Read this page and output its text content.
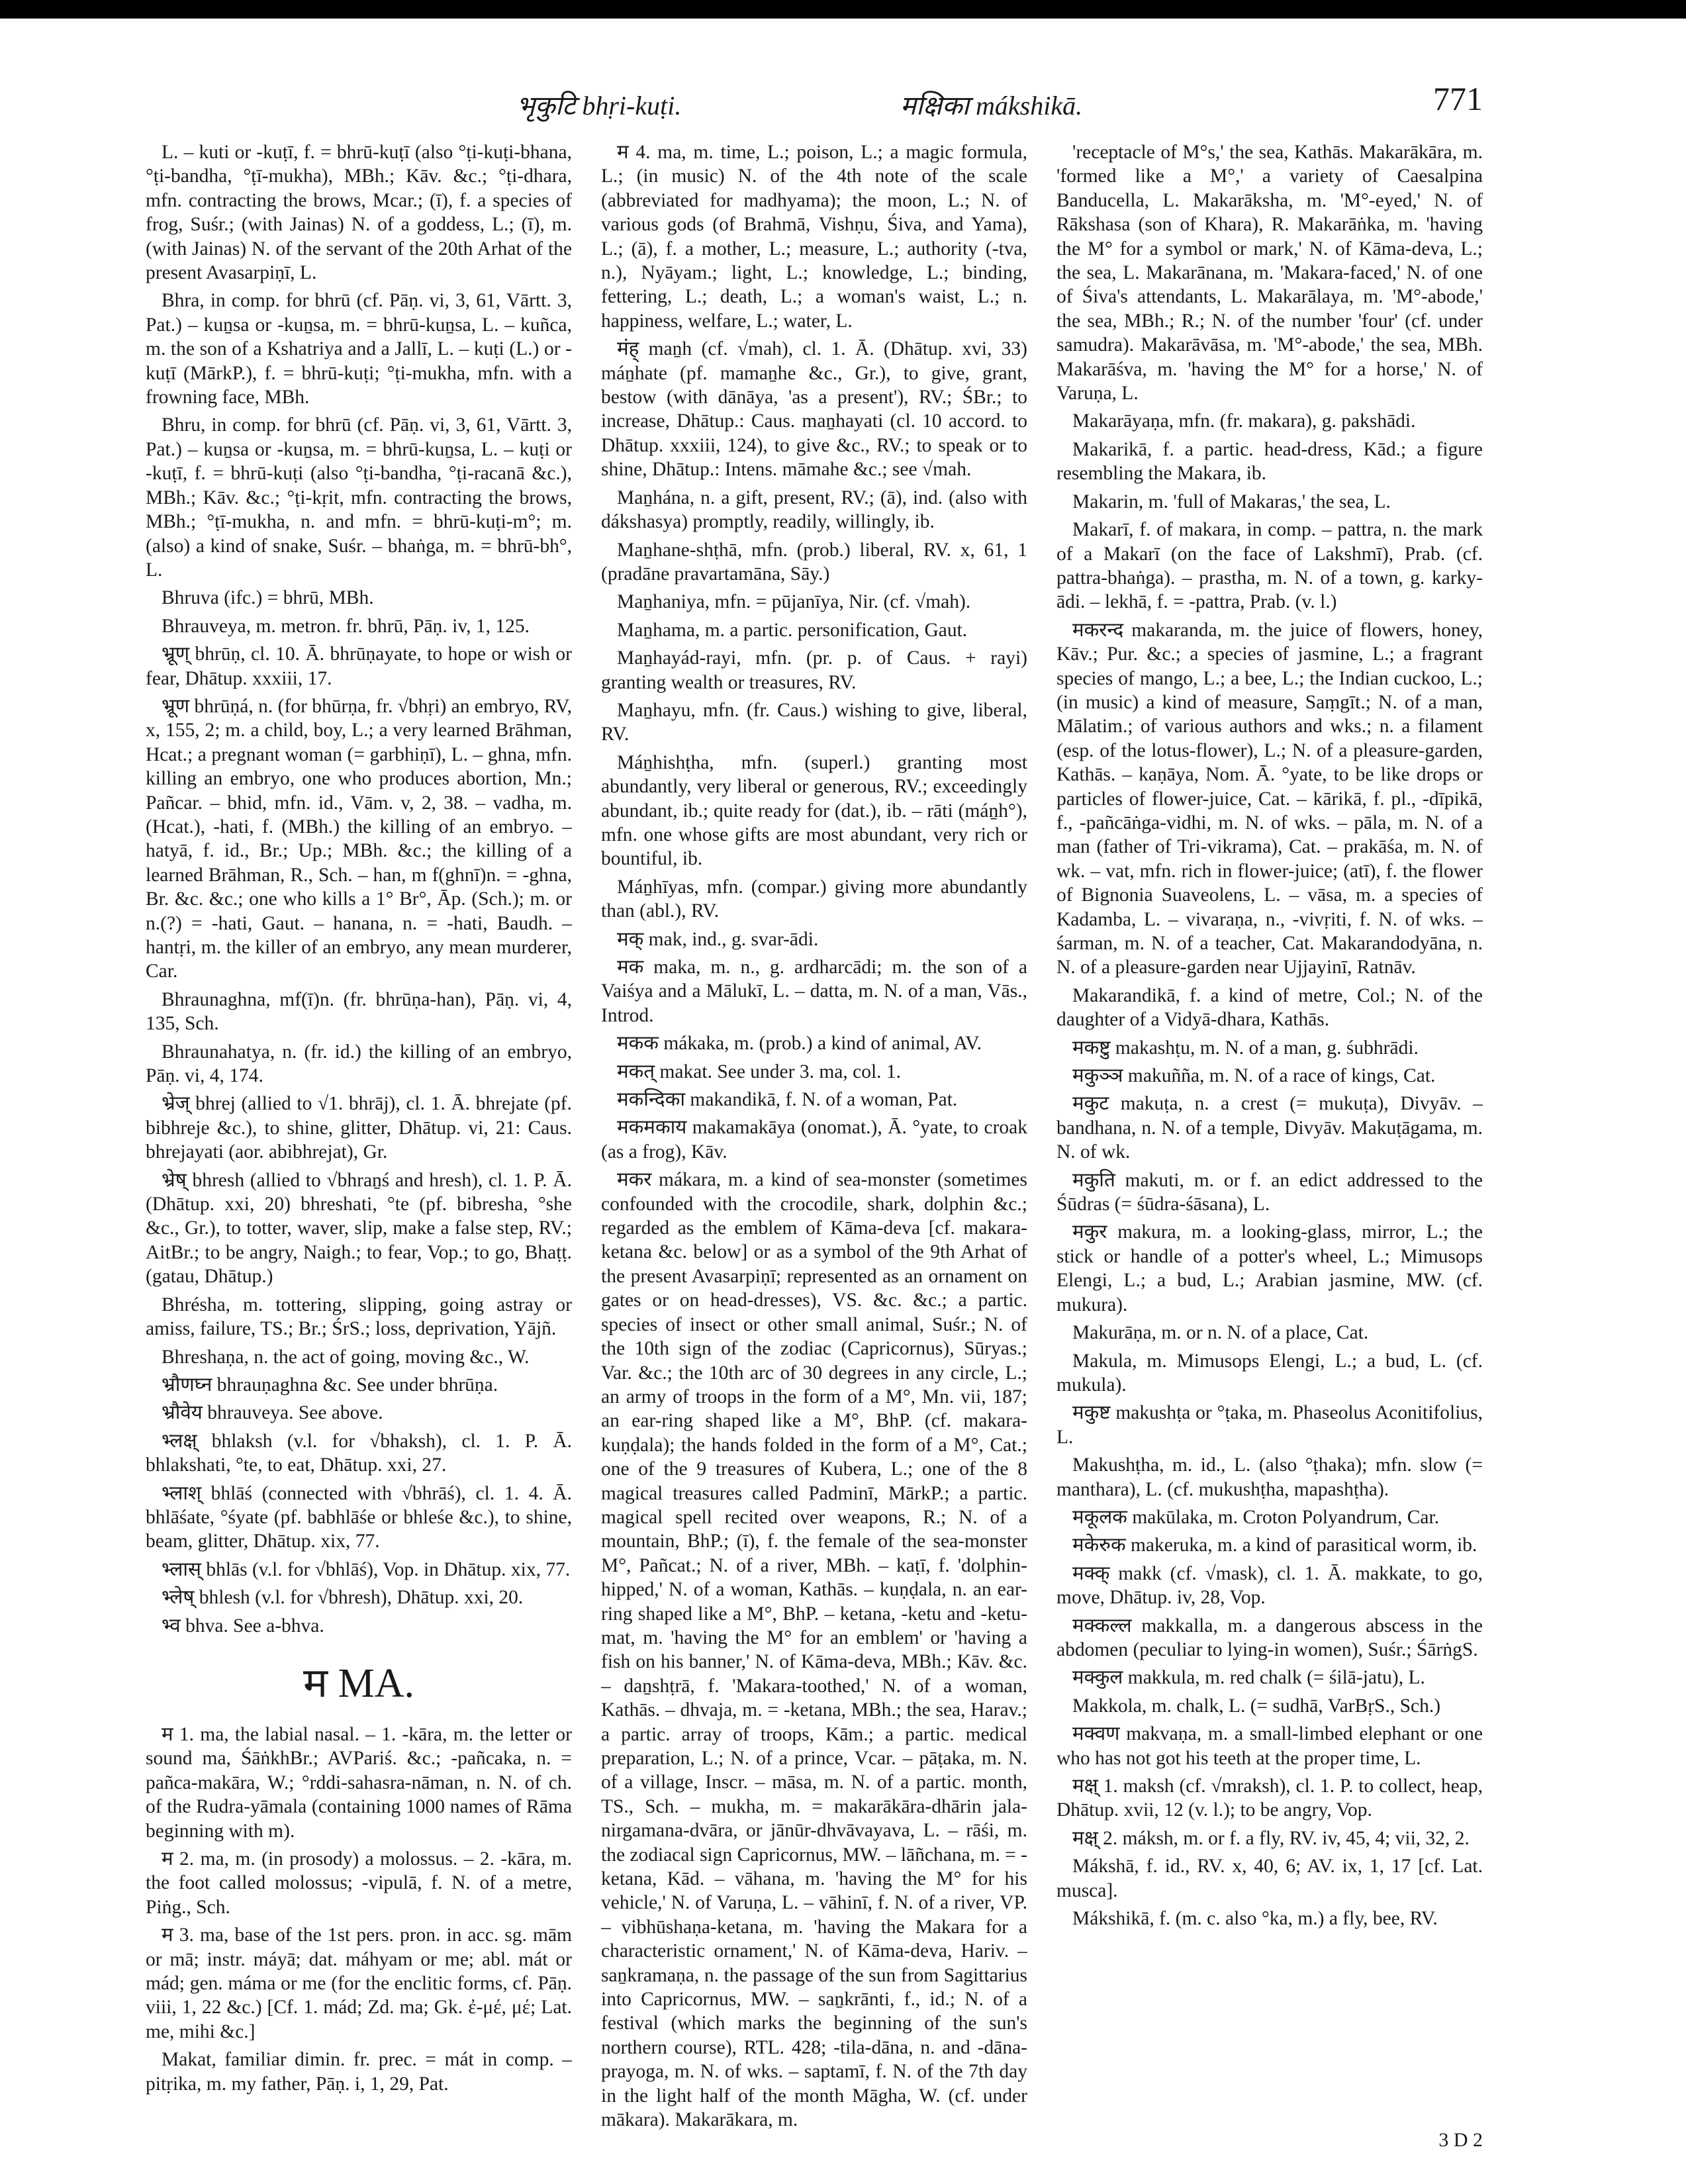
भृकुटि bhṛi-kuṭi.	मक्षिका mákshikā.	771

L. – kuti or -kuṭī, f. = bhrū-kuṭī (also °ṭi-kuṭi-bhana, °ṭi-bandha, °ṭī-mukha), MBh.; Kāv. &c.; °ṭi-dhara, mfn. contracting the brows, Mcar.; (ī), f. a species of frog, Suśr.; (with Jainas) N. of a goddess, L.; (ī), m. (with Jainas) N. of the servant of the 20th Arhat of the present Avasarpiṇī, L.

Bhra, in comp. for bhrū (cf. Pāṇ. vi, 3, 61, Vārtt. 3, Pat.) – kuṉsa or -kuṉsa, m. = bhrū-kuṉsa, L. – kuñca, m. the son of a Kshatriya and a Jallī, L. – kuṭi (L.) or -kuṭī (MārkP.), f. = bhrū-kuṭi; °ṭi-mukha, mfn. with a frowning face, MBh.

Bhru, in comp. for bhrū (cf. Pāṇ. vi, 3, 61, Vārtt. 3, Pat.) – kuṉsa or -kuṉsa, m. = bhrū-kuṉsa, L. – kuṭi or -kuṭī, f. = bhrū-kuṭi (also °ṭi-bandha, °ṭi-racanā &c.), MBh.; Kāv. &c.; °ṭi-kṛit, mfn. contracting the brows, MBh.; °ṭī-mukha, n. and mfn. = bhrū-kuṭi-m°; m. (also) a kind of snake, Suśr. – bhaṅga, m. = bhrū-bh°, L.

Bhruva (ifc.) = bhrū, MBh.

Bhrauveya, m. metron. fr. bhrū, Pāṇ. iv, 1, 125.

भ्रूण् bhrūṇ, cl. 10. Ā. bhrūṇayate, to hope or wish or fear, Dhātup. xxxiii, 17.

भ्रूण bhrūṇá, n. (for bhūrṇa, fr. √bhṛi) an embryo, RV, x, 155, 2; m. a child, boy, L.; a very learned Brāhman, Hcat.; a pregnant woman (= garbhiṇī), L. – ghna, mfn. killing an embryo, one who produces abortion, Mn.; Pañcar. – bhid, mfn. id., Vām. v, 2, 38. – vadha, m. (Hcat.), -hati, f. (MBh.) the killing of an embryo. – hatyā, f. id., Br.; Up.; MBh. &c.; the killing of a learned Brāhman, R., Sch. – han, m f(ghnī)n. = -ghna, Br. &c. &c.; one who kills a 1° Br°, Āp. (Sch.); m. or n.(?) = -hati, Gaut. – hanana, n. = -hati, Baudh. – hantṛi, m. the killer of an embryo, any mean murderer, Car.

Bhraunaghna, mf(ī)n. (fr. bhrūṇa-han), Pāṇ. vi, 4, 135, Sch.

Bhraunahatya, n. (fr. id.) the killing of an embryo, Pāṇ. vi, 4, 174.

भ्रेज् bhrej (allied to √1. bhrāj), cl. 1. Ā. bhrejate (pf. bibhreje &c.), to shine, glitter, Dhātup. vi, 21: Caus. bhrejayati (aor. abibhrejat), Gr.

भ्रेष् bhresh (allied to √bhraṉś and hresh), cl. 1. P. Ā. (Dhātup. xxi, 20) bhreshati, °te (pf. bibresha, °she &c., Gr.), to totter, waver, slip, make a false step, RV.; AitBr.; to be angry, Naigh.; to fear, Vop.; to go, Bhaṭṭ. (gatau, Dhātup.)

Bhrésha, m. tottering, slipping, going astray or amiss, failure, TS.; Br.; ŚrS.; loss, deprivation, Yājñ.

Bhreshaṇa, n. the act of going, moving &c., W.

भ्रौणघ्न bhrauṇaghna &c. See under bhrūṇa.

भ्रौवेय bhrauveya. See above.

भ्लक्ष् bhlaksh (v.l. for √bhaksh), cl. 1. P. Ā. bhlakshati, °te, to eat, Dhātup. xxi, 27.

भ्लाश् bhlāś (connected with √bhrāś), cl. 1. 4. Ā. bhlāśate, °śyate (pf. babhlāśe or bhleśe &c.), to shine, beam, glitter, Dhātup. xix, 77.

भ्लास् bhlās (v.l. for √bhlāś), Vop. in Dhātup. xix, 77.

भ्लेष् bhlesh (v.l. for √bhresh), Dhātup. xxi, 20.

भ्व bhva. See a-bhva.

म MA.

म 1. ma, the labial nasal. – 1. -kāra, m. the letter or sound ma, ŚāṅkhBr.; AVPariś. &c.; -pañcaka, n. = pañca-makāra, W.; °rddi-sahasra-nāman, n. N. of ch. of the Rudra-yāmala (containing 1000 names of Rāma beginning with m).

म 2. ma, m. (in prosody) a molossus. – 2. -kāra, m. the foot called molossus; -vipulā, f. N. of a metre, Piṅg., Sch.

म 3. ma, base of the 1st pers. pron. in acc. sg. mām or mā; instr. máyā; dat. máhyam or me; abl. mát or mád; gen. máma or me (for the enclitic forms, cf. Pāṇ. viii, 1, 22 &c.) [Cf. 1. mád; Zd. ma; Gk. ἐ-μέ, μέ; Lat. me, mihi &c.]

Makat, familiar dimin. fr. prec. = mát in comp. – pitṛika, m. my father, Pāṇ. i, 1, 29, Pat.

म 4. ma, m. time, L.; poison, L.; a magic formula, L.; (in music) N. of the 4th note of the scale (abbreviated for madhyama); the moon, L.; N. of various gods (of Brahmā, Vishṇu, Śiva, and Yama), L.; (ā), f. a mother, L.; measure, L.; authority (-tva, n.), Nyāyam.; light, L.; knowledge, L.; binding, fettering, L.; death, L.; a woman's waist, L.; n. happiness, welfare, L.; water, L.

मंह् maṉh (cf. √mah), cl. 1. Ā. (Dhātup. xvi, 33) máṉhate (pf. mamaṉhe &c., Gr.), to give, grant, bestow (with dānāya, 'as a present'), RV.; ŚBr.; to increase, Dhātup.: Caus. maṉhayati (cl. 10 accord. to Dhātup. xxxiii, 124), to give &c., RV.; to speak or to shine, Dhātup.: Intens. māmahe &c.; see √mah.

Maṉhána, n. a gift, present, RV.; (ā), ind. (also with dákshasya) promptly, readily, willingly, ib.

Maṉhane-shṭhā, mfn. (prob.) liberal, RV. x, 61, 1 (pradāne pravartamāna, Sāy.)

Maṉhaniya, mfn. = pūjanīya, Nir. (cf. √mah).

Maṉhama, m. a partic. personification, Gaut.

Maṉhayád-rayi, mfn. (pr. p. of Caus. + rayi) granting wealth or treasures, RV.

Maṉhayu, mfn. (fr. Caus.) wishing to give, liberal, RV.

Máṉhishṭha, mfn. (superl.) granting most abundantly, very liberal or generous, RV.; exceedingly abundant, ib.; quite ready for (dat.), ib. – rāti (máṉh°), mfn. one whose gifts are most abundant, very rich or bountiful, ib.

Máṉhīyas, mfn. (compar.) giving more abundantly than (abl.), RV.

मक् mak, ind., g. svar-ādi.

मक maka, m. n., g. ardharcādi; m. the son of a Vaiśya and a Mālukī, L. – datta, m. N. of a man, Vās., Introd.

मकक mákaka, m. (prob.) a kind of animal, AV.

मकत् makat. See under 3. ma, col. 1.

मकन्दिका makandikā, f. N. of a woman, Pat.

मकमकाय makamakāya (onomat.), Ā. °yate, to croak (as a frog), Kāv.

मकर mákara, m. a kind of sea-monster (sometimes confounded with the crocodile, shark, dolphin &c.; regarded as the emblem of Kāma-deva [cf. makara-ketana &c. below] or as a symbol of the 9th Arhat of the present Avasarpiṇī; represented as an ornament on gates or on head-dresses), VS. &c. &c.; a partic. species of insect or other small animal, Suśr.; N. of the 10th sign of the zodiac (Capricornus), Sūryas.; Var. &c.; the 10th arc of 30 degrees in any circle, L.; an army of troops in the form of a M°, Mn. vii, 187; an ear-ring shaped like a M°, BhP. (cf. makara-kuṇḍala); the hands folded in the form of a M°, Cat.; one of the 9 treasures of Kubera, L.; one of the 8 magical treasures called Padminī, MārkP.; a partic. magical spell recited over weapons, R.; N. of a mountain, BhP.; (ī), f. the female of the sea-monster M°, Pañcat.; N. of a river, MBh. – kaṭī, f. 'dolphin-hipped,' N. of a woman, Kathās. – kuṇḍala, n. an ear-ring shaped like a M°, BhP. – ketana, -ketu and -ketu-mat, m. 'having the M° for an emblem' or 'having a fish on his banner,' N. of Kāma-deva, MBh.; Kāv. &c. – daṉshṭrā, f. 'Makara-toothed,' N. of a woman, Kathās. – dhvaja, m. = -ketana, MBh.; the sea, Harav.; a partic. array of troops, Kām.; a partic. medical preparation, L.; N. of a prince, Vcar. – pāṭaka, m. N. of a village, Inscr. – māsa, m. N. of a partic. month, TS., Sch. – mukha, m. = makarākāra-dhārin jala-nirgamana-dvāra, or jānūr-dhvāvayava, L. – rāśi, m. the zodiacal sign Capricornus, MW. – lāñchana, m. = -ketana, Kād. – vāhana, m. 'having the M° for his vehicle,' N. of Varuṇa, L. – vāhinī, f. N. of a river, VP. – vibhūshaṇa-ketana, m. 'having the Makara for a characteristic ornament,' N. of Kāma-deva, Hariv. – saṉkramaṇa, n. the passage of the sun from Sagittarius into Capricornus, MW. – saṉkrānti, f., id.; N. of a festival (which marks the beginning of the sun's northern course), RTL. 428; -tila-dāna, n. and -dāna-prayoga, m. N. of wks. – saptamī, f. N. of the 7th day in the light half of the month Māgha, W. (cf. under mākara). Makarākara, m.

'receptacle of M°s,' the sea, Kathās. Makarākāra, m. 'formed like a M°,' a variety of Caesalpina Banducella, L. Makarāksha, m. 'M°-eyed,' N. of Rākshasa (son of Khara), R. Makarāṅka, m. 'having the M° for a symbol or mark,' N. of Kāma-deva, L.; the sea, L. Makarānana, m. 'Makara-faced,' N. of one of Śiva's attendants, L. Makarālaya, m. 'M°-abode,' the sea, MBh.; R.; N. of the number 'four' (cf. under samudra). Makarāvāsa, m. 'M°-abode,' the sea, MBh. Makarāśva, m. 'having the M° for a horse,' N. of Varuṇa, L.

Makarāyaṇa, mfn. (fr. makara), g. pakshādi.

Makarikā, f. a partic. head-dress, Kād.; a figure resembling the Makara, ib.

Makarin, m. 'full of Makaras,' the sea, L.

Makarī, f. of makara, in comp. – pattra, n. the mark of a Makarī (on the face of Lakshmī), Prab. (cf. pattra-bhaṅga). – prastha, m. N. of a town, g. karky-ādi. – lekhā, f. = -pattra, Prab. (v. l.)

मकरन्द makaranda, m. the juice of flowers, honey, Kāv.; Pur. &c.; a species of jasmine, L.; a fragrant species of mango, L.; a bee, L.; the Indian cuckoo, L.; (in music) a kind of measure, Saṃgīt.; N. of a man, Mālatim.; of various authors and wks.; n. a filament (esp. of the lotus-flower), L.; N. of a pleasure-garden, Kathās. – kaṇāya, Nom. Ā. °yate, to be like drops or particles of flower-juice, Cat. – kārikā, f. pl., -dīpikā, f., -pañcāṅga-vidhi, m. N. of wks. – pāla, m. N. of a man (father of Tri-vikrama), Cat. – prakāśa, m. N. of wk. – vat, mfn. rich in flower-juice; (atī), f. the flower of Bignonia Suaveolens, L. – vāsa, m. a species of Kadamba, L. – vivaraṇa, n., -vivṛiti, f. N. of wks. – śarman, m. N. of a teacher, Cat. Makarandodyāna, n. N. of a pleasure-garden near Ujjayinī, Ratnāv.

Makarandikā, f. a kind of metre, Col.; N. of the daughter of a Vidyā-dhara, Kathās.

मकष्टु makashṭu, m. N. of a man, g. śubhrādi.

मकुञ्ञ makuñña, m. N. of a race of kings, Cat.

मकुट makuṭa, n. a crest (= mukuṭa), Divyāv. – bandhana, n. N. of a temple, Divyāv. Makuṭāgama, m. N. of wk.

मकुति makuti, m. or f. an edict addressed to the Śūdras (= śūdra-śāsana), L.

मकुर makura, m. a looking-glass, mirror, L.; the stick or handle of a potter's wheel, L.; Mimusops Elengi, L.; a bud, L.; Arabian jasmine, MW. (cf. mukura).

Makurāṇa, m. or n. N. of a place, Cat.

Makula, m. Mimusops Elengi, L.; a bud, L. (cf. mukula).

मकुष्ट makushṭa or °ṭaka, m. Phaseolus Aconitifolius, L.

Makushṭha, m. id., L. (also °ṭhaka); mfn. slow (= manthara), L. (cf. mukushṭha, mapashṭha).

मकूलक makūlaka, m. Croton Polyandrum, Car.

मकेरुक makeruka, m. a kind of parasitical worm, ib.

मक्क् makk (cf. √mask), cl. 1. Ā. makkate, to go, move, Dhātup. iv, 28, Vop.

मक्कल्ल makkalla, m. a dangerous abscess in the abdomen (peculiar to lying-in women), Suśr.; ŚārṅgS.

मक्कुल makkula, m. red chalk (= śilā-jatu), L.

Makkola, m. chalk, L. (= sudhā, VarBṛS., Sch.)

मक्वण makvaṇa, m. a small-limbed elephant or one who has not got his teeth at the proper time, L.

मक्ष् 1. maksh (cf. √mraksh), cl. 1. P. to collect, heap, Dhātup. xvii, 12 (v. l.); to be angry, Vop.

मक्ष् 2. máksh, m. or f. a fly, RV. iv, 45, 4; vii, 32, 2.

Mákshā, f. id., RV. x, 40, 6; AV. ix, 1, 17 [cf. Lat. musca].

Mákshikā, f. (m. c. also °ka, m.) a fly, bee, RV.

3 D 2
